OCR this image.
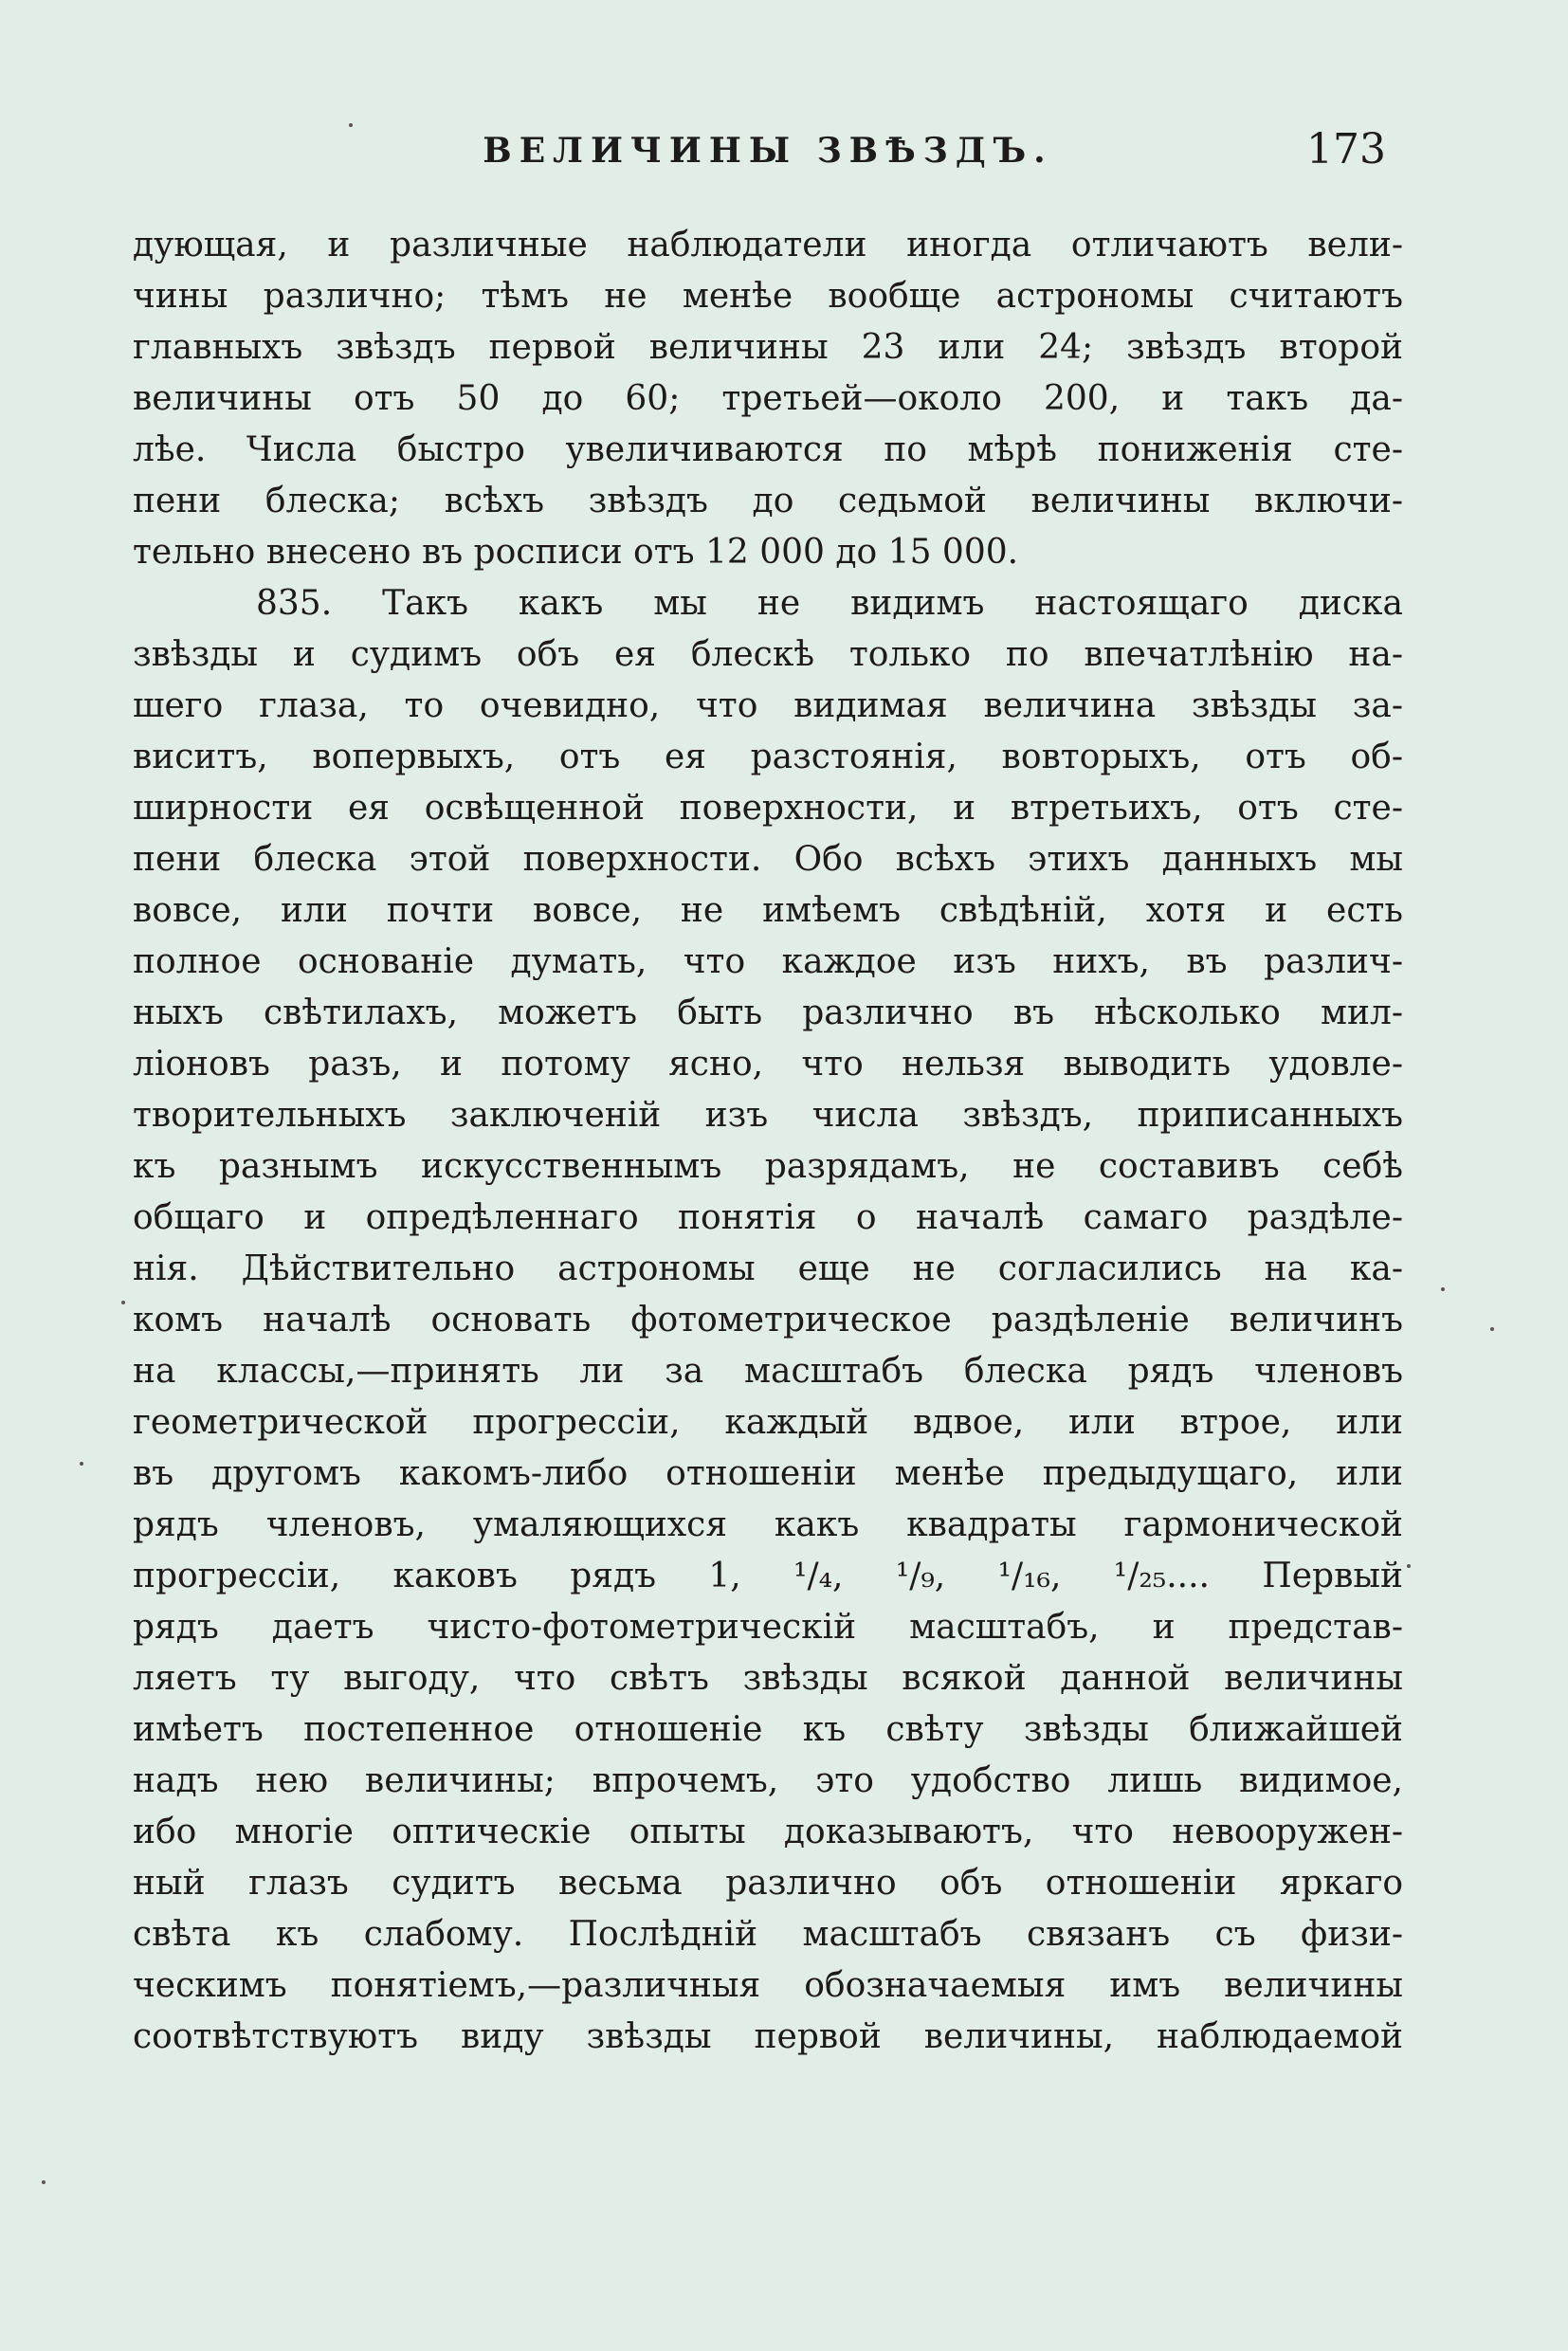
ВЕЛИЧИНЫ ЗВѢЗДЪ.	173
дующая, и различные наблюдатели иногда отличаютъ вели-
чины различно; тѣмъ не менѣе вообще астрономы считаютъ
главныхъ звѣздъ первой величины 23 или 24; звѣздъ второй
величины отъ 50 до 60; третьей—около 200, и такъ да-
лѣе. Числа быстро увеличиваются по мѣрѣ пониженія сте-
пени блеска; всѣхъ звѣздъ до седьмой величины включи-
тельно внесено въ росписи отъ 12 000 до 15 000.
835. Такъ какъ мы не видимъ настоящаго диска
звѣзды и судимъ объ ея блескѣ только по впечатлѣнію на-
шего глаза, то очевидно, что видимая величина звѣзды за-
виситъ, вопервыхъ, отъ ея разстоянія, вовторыхъ, отъ об-
ширности ея освѣщенной поверхности, и втретьихъ, отъ сте-
пени блеска этой поверхности. Обо всѣхъ этихъ данныхъ мы
вовсе, или почти вовсе, не имѣемъ свѣдѣній, хотя и есть
полное основаніе думать, что каждое изъ нихъ, въ различ-
ныхъ свѣтилахъ, можетъ быть различно въ нѣсколько мил-
ліоновъ разъ, и потому ясно, что нельзя выводить удовле-
творительныхъ заключеній изъ числа звѣздъ, приписанныхъ
къ разнымъ искусственнымъ разрядамъ, не составивъ себѣ
общаго и опредѣленнаго понятія о началѣ самаго раздѣле-
нія. Дѣйствительно астрономы еще не согласились на ка-
комъ началѣ основать фотометрическое раздѣленіе величинъ
на классы,—принять ли за масштабъ блеска рядъ членовъ
геометрической прогрессіи, каждый вдвое, или втрое, или
въ другомъ какомъ-либо отношеніи менѣе предыдущаго, или
рядъ членовъ, умаляющихся какъ квадраты гармонической
прогрессіи, каковъ рядъ 1, ¹/₄, ¹/₉, ¹/₁₆, ¹/₂₅.... Первый
рядъ даетъ чисто-фотометрическій масштабъ, и представ-
ляетъ ту выгоду, что свѣтъ звѣзды всякой данной величины
имѣетъ постепенное отношеніе къ свѣту звѣзды ближайшей
надъ нею величины; впрочемъ, это удобство лишь видимое,
ибо многіе оптическіе опыты доказываютъ, что невооружен-
ный глазъ судитъ весьма различно объ отношеніи яркаго
свѣта къ слабому. Послѣдній масштабъ связанъ съ физи-
ческимъ понятіемъ,—различныя обозначаемыя имъ величины
соотвѣтствуютъ виду звѣзды первой величины, наблюдаемой
